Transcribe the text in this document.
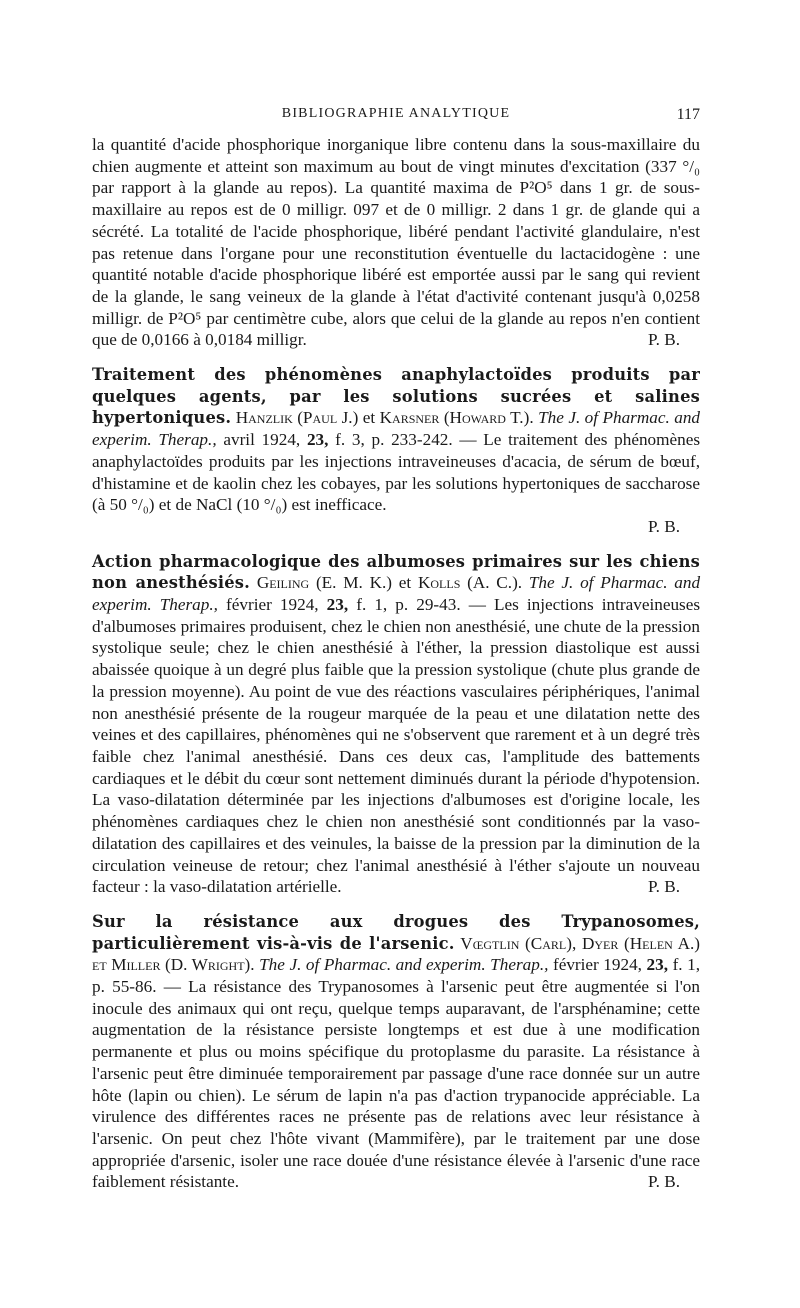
BIBLIOGRAPHIE ANALYTIQUE	117

la quantité d'acide phosphorique inorganique libre contenu dans la sous-maxillaire du chien augmente et atteint son maximum au bout de vingt minutes d'excitation (337 °/₀ par rapport à la glande au repos). La quantité maxima de P²O⁵ dans 1 gr. de sous-maxillaire au repos est de 0 milligr. 097 et de 0 milligr. 2 dans 1 gr. de glande qui a sécrété. La totalité de l'acide phosphorique, libéré pendant l'activité glandulaire, n'est pas retenue dans l'organe pour une reconstitution éventuelle du lactacidogène : une quantité notable d'acide phosphorique libéré est emportée aussi par le sang qui revient de la glande, le sang veineux de la glande à l'état d'activité contenant jusqu'à 0,0258 milligr. de P²O⁵ par centimètre cube, alors que celui de la glande au repos n'en contient que de 0,0166 à 0,0184 milligr.	P. B.

Traitement des phénomènes anaphylactoïdes produits par quelques agents, par les solutions sucrées et salines hypertoniques. Hanzlik (Paul J.) et Karsner (Howard T.). The J. of Pharmac. and experim. Therap., avril 1924, 23, f. 3, p. 233-242. — Le traitement des phénomènes anaphylactoïdes produits par les injections intraveineuses d'acacia, de sérum de bœuf, d'histamine et de kaolin chez les cobayes, par les solutions hypertoniques de saccharose (à 50 °/₀) et de NaCl (10 °/₀) est inefficace.

P. B.

Action pharmacologique des albumoses primaires sur les chiens non anesthésiés. Geiling (E. M. K.) et Kolls (A. C.). The J. of Pharmac. and experim. Therap., février 1924, 23, f. 1, p. 29-43. — Les injections intraveineuses d'albumoses primaires produisent, chez le chien non anesthésié, une chute de la pression systolique seule; chez le chien anesthésié à l'éther, la pression diastolique est aussi abaissée quoique à un degré plus faible que la pression systolique (chute plus grande de la pression moyenne). Au point de vue des réactions vasculaires périphériques, l'animal non anesthésié présente de la rougeur marquée de la peau et une dilatation nette des veines et des capillaires, phénomènes qui ne s'observent que rarement et à un degré très faible chez l'animal anesthésié. Dans ces deux cas, l'amplitude des battements cardiaques et le débit du cœur sont nettement diminués durant la période d'hypotension. La vaso-dilatation déterminée par les injections d'albumoses est d'origine locale, les phénomènes cardiaques chez le chien non anesthésié sont conditionnés par la vaso-dilatation des capillaires et des veinules, la baisse de la pression par la diminution de la circulation veineuse de retour; chez l'animal anesthésié à l'éther s'ajoute un nouveau facteur : la vaso-dilatation artérielle.	P. B.

Sur la résistance aux drogues des Trypanosomes, particulièrement vis-à-vis de l'arsenic. Vœgtlin (Carl), Dyer (Helen A.) et Miller (D. Wright). The J. of Pharmac. and experim. Therap., février 1924, 23, f. 1, p. 55-86. — La résistance des Trypanosomes à l'arsenic peut être augmentée si l'on inocule des animaux qui ont reçu, quelque temps auparavant, de l'arsphénamine; cette augmentation de la résistance persiste longtemps et est due à une modification permanente et plus ou moins spécifique du protoplasme du parasite. La résistance à l'arsenic peut être diminuée temporairement par passage d'une race donnée sur un autre hôte (lapin ou chien). Le sérum de lapin n'a pas d'action trypanocide appréciable. La virulence des différentes races ne présente pas de relations avec leur résistance à l'arsenic. On peut chez l'hôte vivant (Mammifère), par le traitement par une dose appropriée d'arsenic, isoler une race douée d'une résistance élevée à l'arsenic d'une race faiblement résistante.	P. B.
